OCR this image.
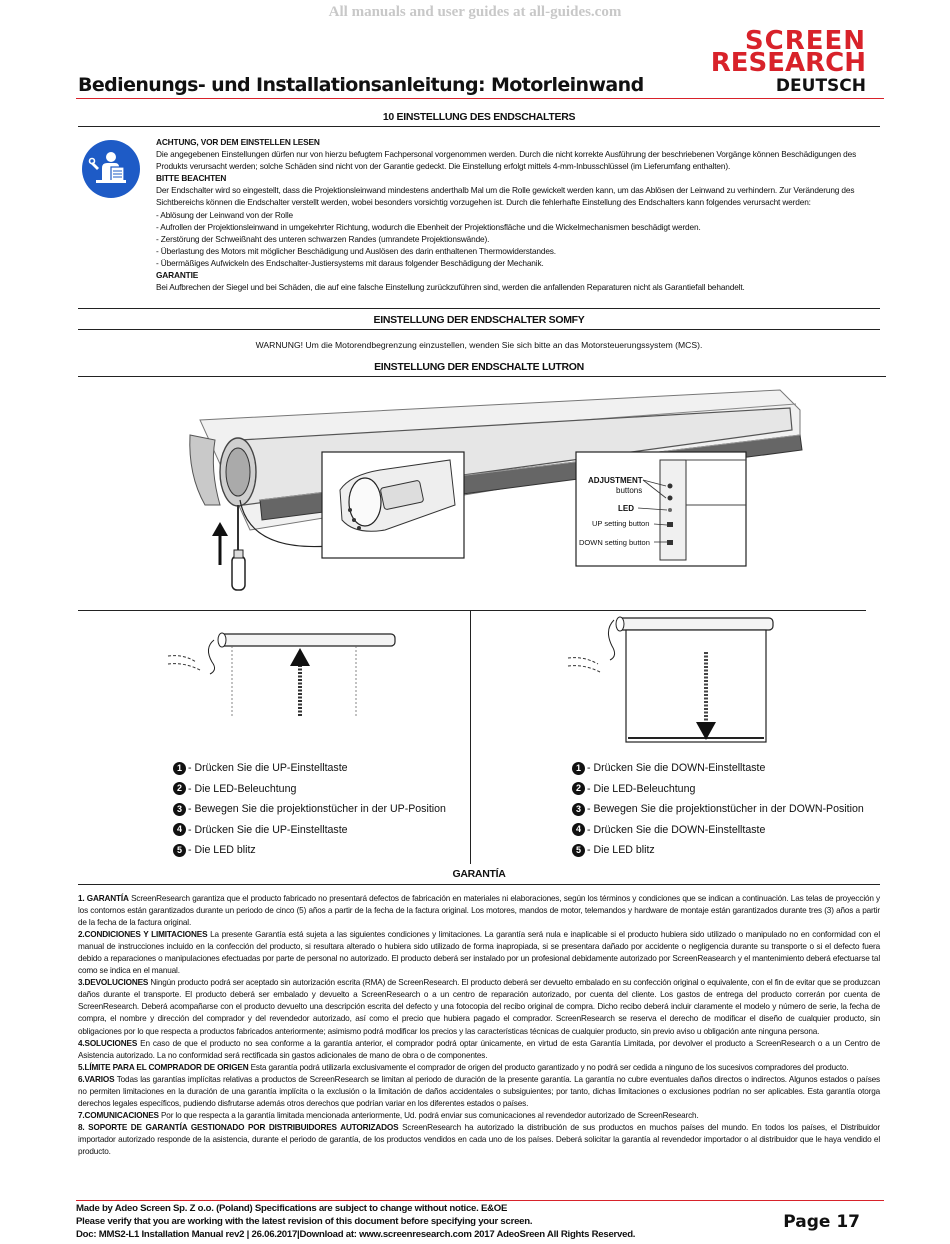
All manuals and user guides at all-guides.com
SCREEN
RESEARCH
Bedienungs- und Installationsanleitung: Motorleinwand	DEUTSCH
10 EINSTELLUNG DES ENDSCHALTERS
ACHTUNG, VOR DEM EINSTELLEN LESEN
Die angegebenen Einstellungen dürfen nur von hierzu befugtem Fachpersonal vorgenommen werden. Durch die nicht korrekte Ausführung der beschriebenen Vorgänge können Beschädigungen des Produkts verursacht werden; solche Schäden sind nicht von der Garantie gedeckt. Die Einstellung erfolgt mittels 4-mm-Inbusschlüssel (im Lieferumfang enthalten).
BITTE BEACHTEN
Der Endschalter wird so eingestellt, dass die Projektionsleinwand mindestens anderthalb Mal um die Rolle gewickelt werden kann, um das Ablösen der Leinwand zu verhindern. Zur Veränderung des Sichtbereichs können die Endschalter verstellt werden, wobei besonders vorsichtig vorzugehen ist. Durch die fehlerhafte Einstellung des Endschalters kann folgendes verursacht werden:
- Ablösung der Leinwand von der Rolle
- Aufrollen der Projektionsleinwand in umgekehrter Richtung, wodurch die Ebenheit der Projektionsfläche und die Wickelmechanismen beschädigt werden.
- Zerstörung der Schweißnaht des unteren schwarzen Randes (umrandete Projektionswände).
- Überlastung des Motors mit möglicher Beschädigung und Auslösen des darin enthaltenen Thermowiderstandes.
- Übermäßiges Aufwickeln des Endschalter-Justiersystems mit daraus folgender Beschädigung der Mechanik.
GARANTIE
Bei Aufbrechen der Siegel und bei Schäden, die auf eine falsche Einstellung zurückzuführen sind, werden die anfallenden Reparaturen nicht als Garantiefall behandelt.
EINSTELLUNG DER ENDSCHALTER SOMFY
WARNUNG! Um die Motorendbegrenzung einzustellen, wenden Sie sich bitte an das Motorsteuerungssystem (MCS).
EINSTELLUNG DER ENDSCHALTE LUTRON
ADJUSTMENT
buttons
LED
UP setting button
DOWN setting button
1 - Drücken Sie die UP-Einstelltaste
2 - Die LED-Beleuchtung
3 - Bewegen Sie die projektionstücher in der UP-Position
4 - Drücken Sie die UP-Einstelltaste
5 - Die LED blitz
1 - Drücken Sie die DOWN-Einstelltaste
2 - Die LED-Beleuchtung
3 - Bewegen Sie die projektionstücher in der DOWN-Position
4 - Drücken Sie die DOWN-Einstelltaste
5 - Die LED blitz
GARANTÍA

1. GARANTÍA ScreenResearch garantiza que el producto fabricado no presentará defectos de fabricación en materiales ni elaboraciones, según los términos y condiciones que se indican a continuación. Las telas de proyección y los contornos están garantizados durante un periodo de cinco (5) años a partir de la fecha de la factura original. Los motores, mandos de motor, telemandos y hardware de montaje están garantizados durante tres (3) años a partir de la fecha de la factura original.

2.CONDICIONES Y LIMITACIONES La presente Garantía está sujeta a las siguientes condiciones y limitaciones. La garantía será nula e inaplicable si el producto hubiera sido utilizado o manipulado no en conformidad con el manual de instrucciones incluido en la confección del producto, si resultara alterado o hubiera sido utilizado de forma inapropiada, si se presentara dañado por accidente o negligencia durante su transporte o si el defecto fuera debido a reparaciones o manipulaciones efectuadas por parte de personal no autorizado. El producto deberá ser instalado por un profesional debidamente autorizado por ScreenReasearch y el mantenimiento deberá efectuarse tal como se indica en el manual.

3.DEVOLUCIONES Ningún producto podrá ser aceptado sin autorización escrita (RMA) de ScreenResearch. El producto deberá ser devuelto embalado en su confección original o equivalente, con el fin de evitar que se produzcan daños durante el transporte. El producto deberá ser embalado y devuelto a ScreenResearch o a un centro de reparación autorizado, por cuenta del cliente. Los gastos de entrega del producto correrán por cuenta de ScreenResearch. Deberá acompañarse con el producto devuelto una descripción escrita del defecto y una fotocopia del recibo original de compra. Dicho recibo deberá incluir claramente el modelo y número de serie, la fecha de compra, el nombre y dirección del comprador y del revendedor autorizado, así como el precio que hubiera pagado el comprador. ScreenResearch se reserva el derecho de modificar el diseño de cualquier producto, sin obligaciones por lo que respecta a productos fabricados anteriormente; asimismo podrá modificar los precios y las características técnicas de cualquier producto, sin previo aviso u obligación ante ninguna persona.

4.SOLUCIONES En caso de que el producto no sea conforme a la garantía anterior, el comprador podrá optar únicamente, en virtud de esta Garantía Limitada, por devolver el producto a ScreenResearch o a un Centro de Asistencia autorizado. La no conformidad será rectificada sin gastos adicionales de mano de obra o de componentes.

5.LÍMITE PARA EL COMPRADOR DE ORIGEN Esta garantía podrá utilizarla exclusivamente el comprador de origen del producto garantizado y no podrá ser cedida a ninguno de los sucesivos compradores del producto.

6.VARIOS Todas las garantías implícitas relativas a productos de ScreenResearch se limitan al periodo de duración de la presente garantía. La garantía no cubre eventuales daños directos o indirectos. Algunos estados o países no permiten limitaciones en la duración de una garantía implícita o la exclusión o la limitación de daños accidentales o subsiguientes; por tanto, dichas limitaciones o exclusiones podrían no ser aplicables. Esta garantía otorga derechos legales específicos, pudiendo disfrutarse además otros derechos que podrían variar en los diferentes estados o países.

7.COMUNICACIONES Por lo que respecta a la garantía limitada mencionada anteriormente, Ud. podrá enviar sus comunicaciones al revendedor autorizado de ScreenResearch.

8. SOPORTE DE GARANTÍA GESTIONADO POR DISTRIBUIDORES AUTORIZADOS ScreenResearch ha autorizado la distribución de sus productos en muchos países del mundo. En todos los países, el Distribuidor importador autorizado responde de la asistencia, durante el periodo de garantía, de los productos vendidos en cada uno de los países. Deberá solicitar la garantía al revendedor importador o al distribuidor que le haya vendido el producto.

Made by Adeo Screen Sp. Z o.o. (Poland) Specifications are subject to change without notice. E&OE
Please verify that you are working with the latest revision of this document before specifying your screen.
Doc: MMS2-L1 Installation Manual rev2 | 26.06.2017|Download at: www.screenresearch.com 2017 AdeoSreen All Rights Reserved.
Page 17
